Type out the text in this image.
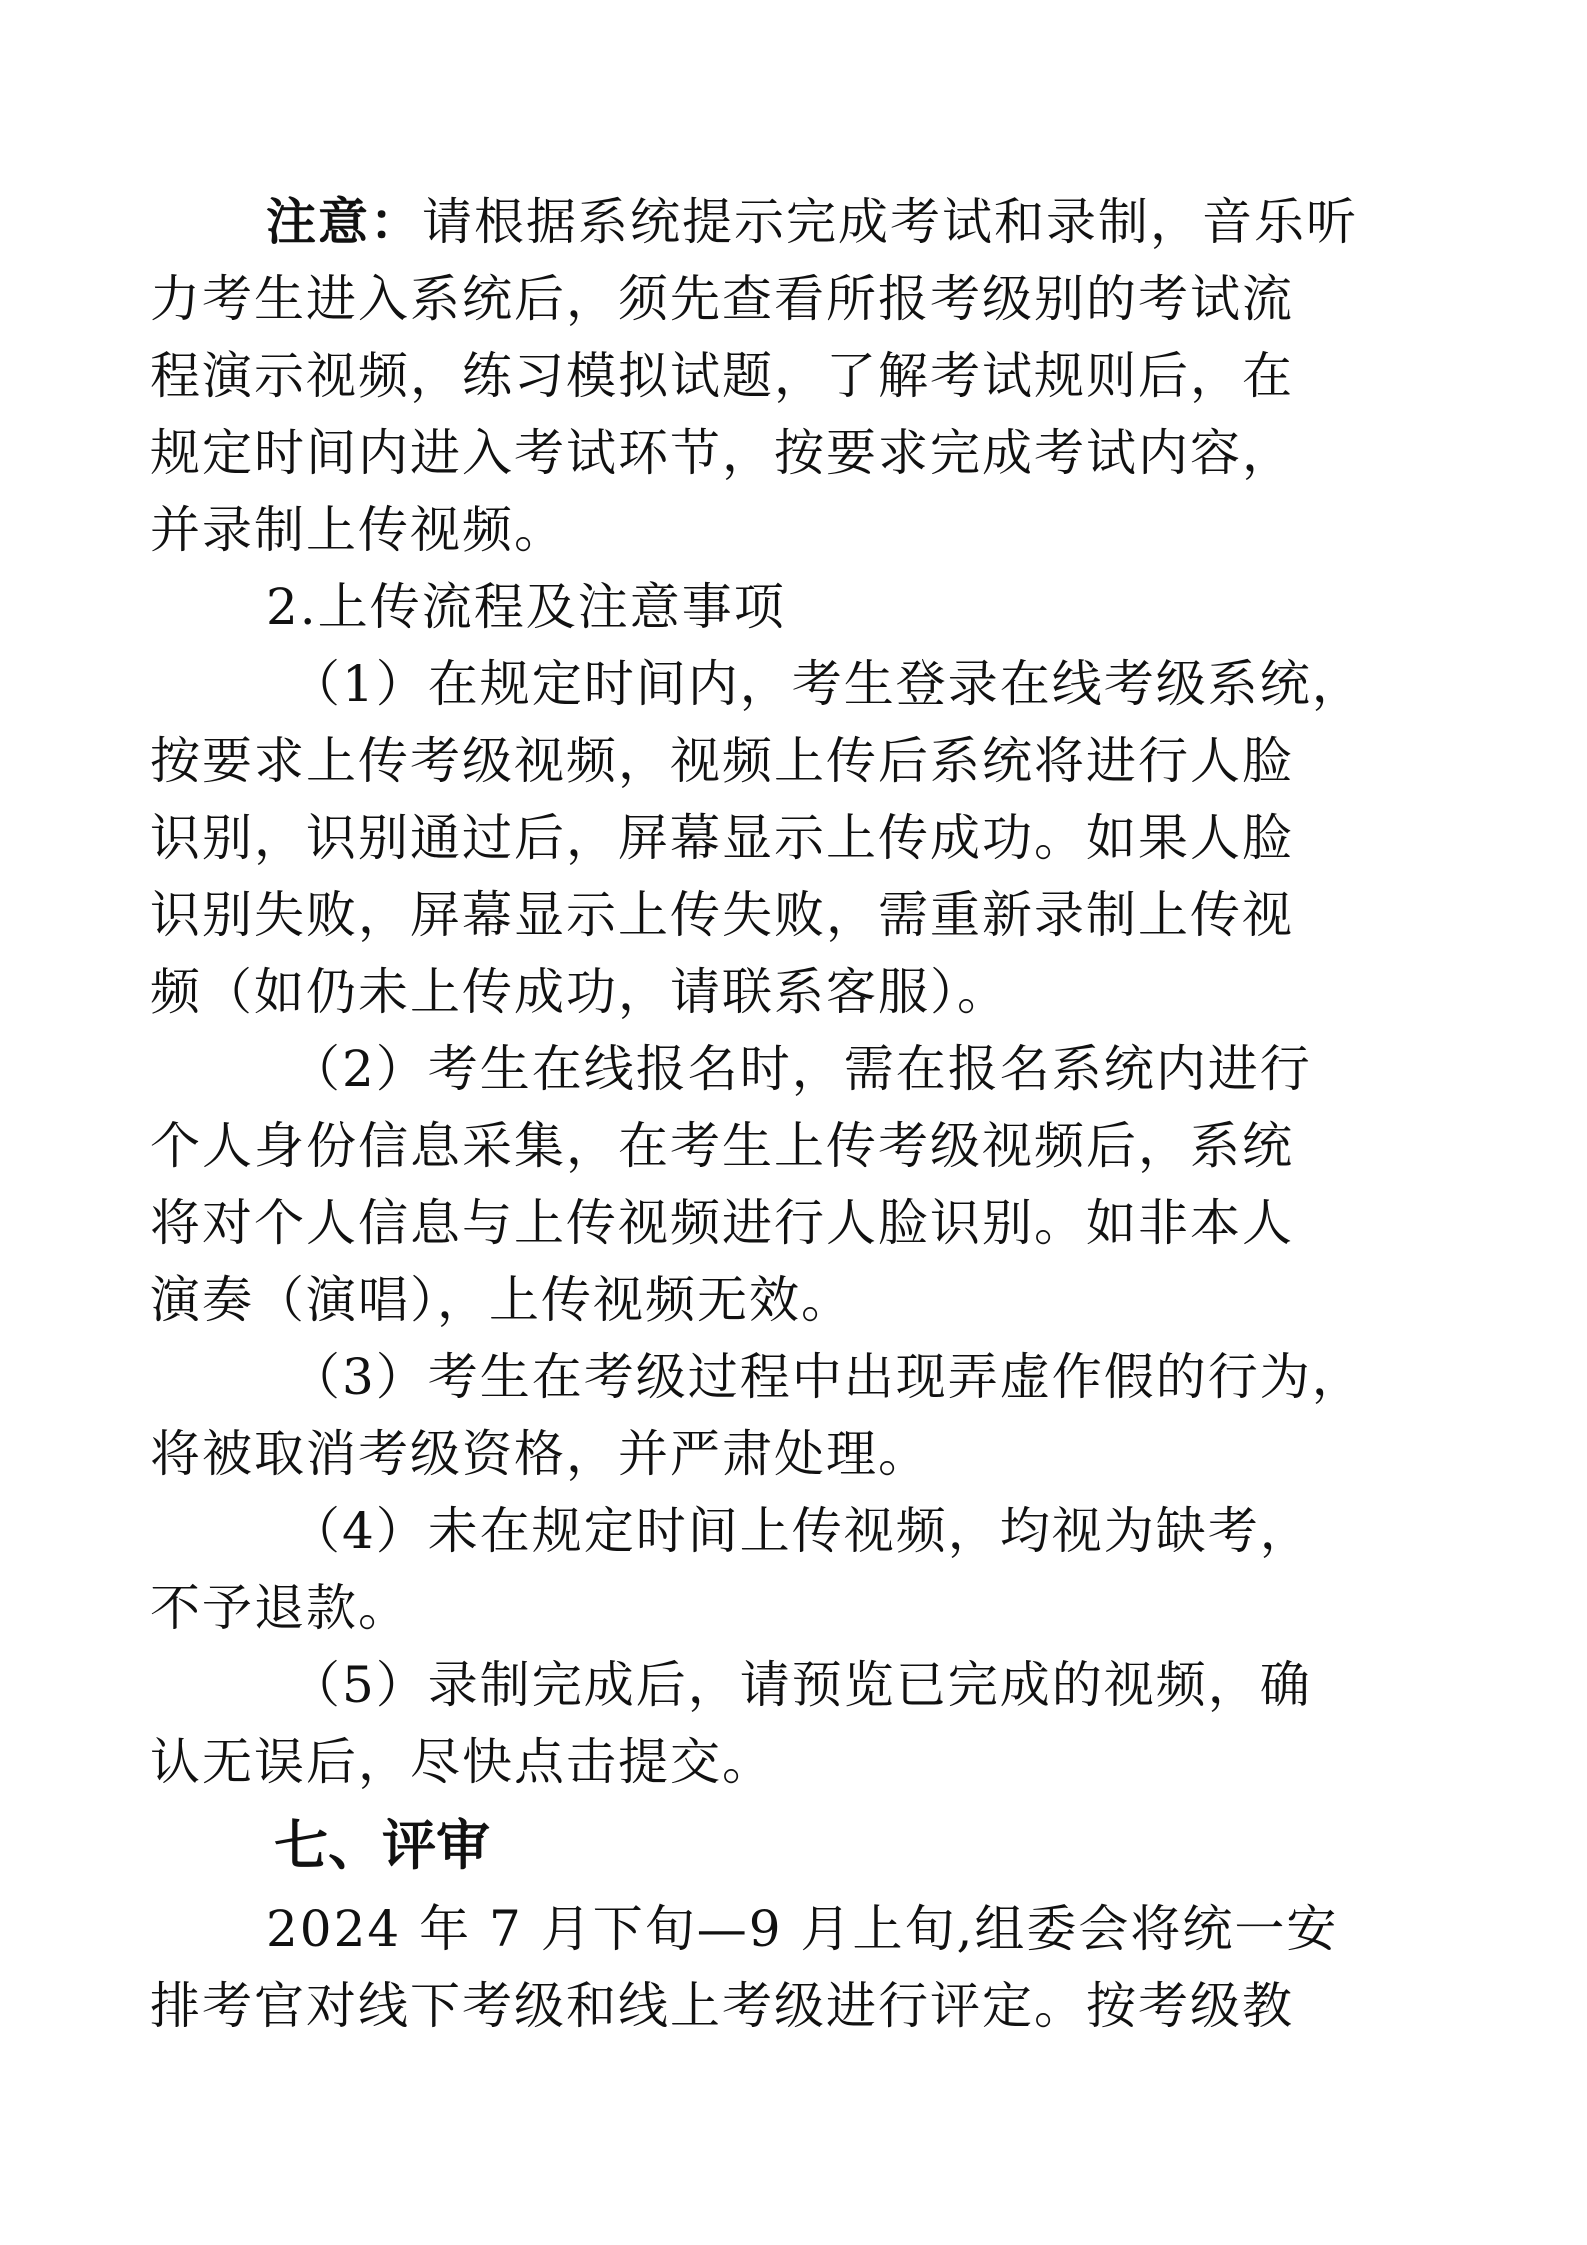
注意：请根据系统提示完成考试和录制，音乐听
力考生进入系统后，须先查看所报考级别的考试流
程演示视频，练习模拟试题，了解考试规则后，在
规定时间内进入考试环节，按要求完成考试内容，
并录制上传视频。
2.上传流程及注意事项
（1）在规定时间内，考生登录在线考级系统，
按要求上传考级视频，视频上传后系统将进行人脸
识别，识别通过后，屏幕显示上传成功。如果人脸
识别失败，屏幕显示上传失败，需重新录制上传视
频（如仍未上传成功，请联系客服）。
（2）考生在线报名时，需在报名系统内进行
个人身份信息采集，在考生上传考级视频后，系统
将对个人信息与上传视频进行人脸识别。如非本人
演奏（演唱），上传视频无效。
（3）考生在考级过程中出现弄虚作假的行为，
将被取消考级资格，并严肃处理。
（4）未在规定时间上传视频，均视为缺考，
不予退款。
（5）录制完成后，请预览已完成的视频，确
认无误后，尽快点击提交。
七、评审
2024 年 7 月下旬—9 月上旬,组委会将统一安
排考官对线下考级和线上考级进行评定。按考级教
